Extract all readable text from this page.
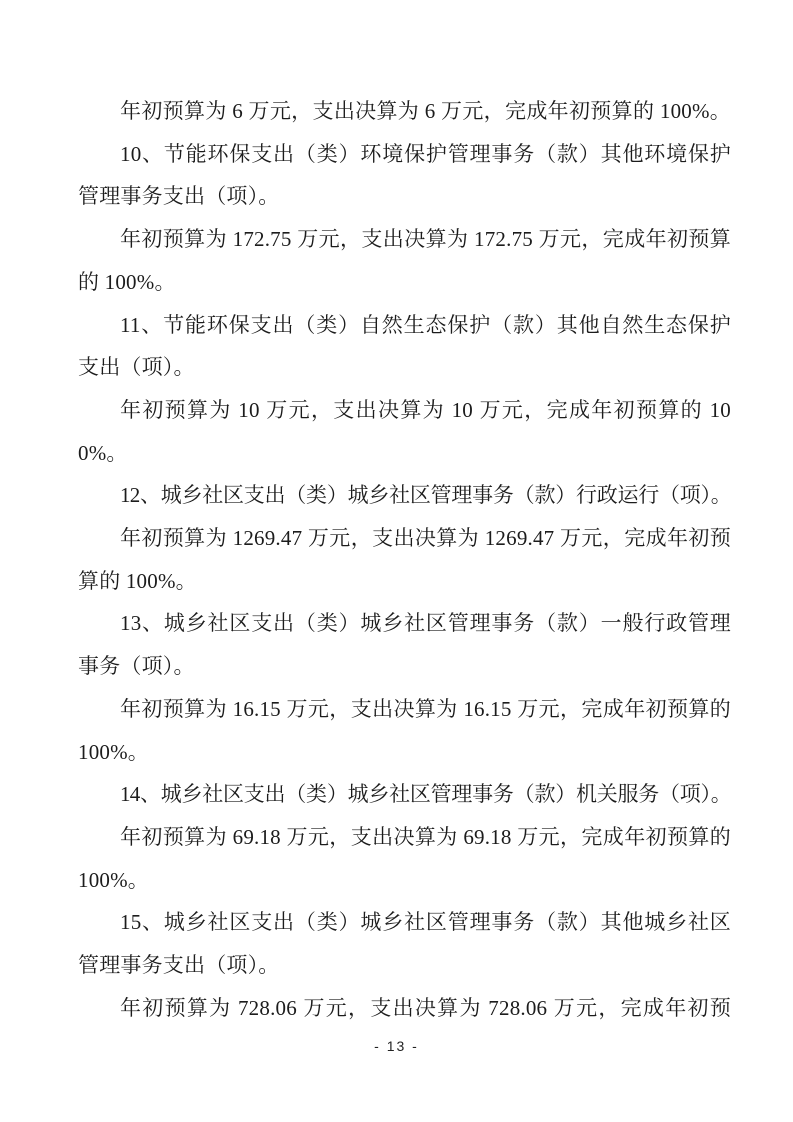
年初预算为 6 万元，支出决算为 6 万元，完成年初预算的 100%。

10、节能环保支出（类）环境保护管理事务（款）其他环境保护管理事务支出（项）。

年初预算为 172.75 万元，支出决算为 172.75 万元，完成年初预算的 100%。

11、节能环保支出（类）自然生态保护（款）其他自然生态保护支出（项）。

年初预算为 10 万元，支出决算为 10 万元，完成年初预算的 100%。

12、城乡社区支出（类）城乡社区管理事务（款）行政运行（项）。

年初预算为 1269.47 万元，支出决算为 1269.47 万元，完成年初预算的 100%。

13、城乡社区支出（类）城乡社区管理事务（款）一般行政管理事务（项）。

年初预算为 16.15 万元，支出决算为 16.15 万元，完成年初预算的 100%。

14、城乡社区支出（类）城乡社区管理事务（款）机关服务（项）。

年初预算为 69.18 万元，支出决算为 69.18 万元，完成年初预算的 100%。

15、城乡社区支出（类）城乡社区管理事务（款）其他城乡社区管理事务支出（项）。

年初预算为 728.06 万元，支出决算为 728.06 万元，完成年初预

- 13 -
